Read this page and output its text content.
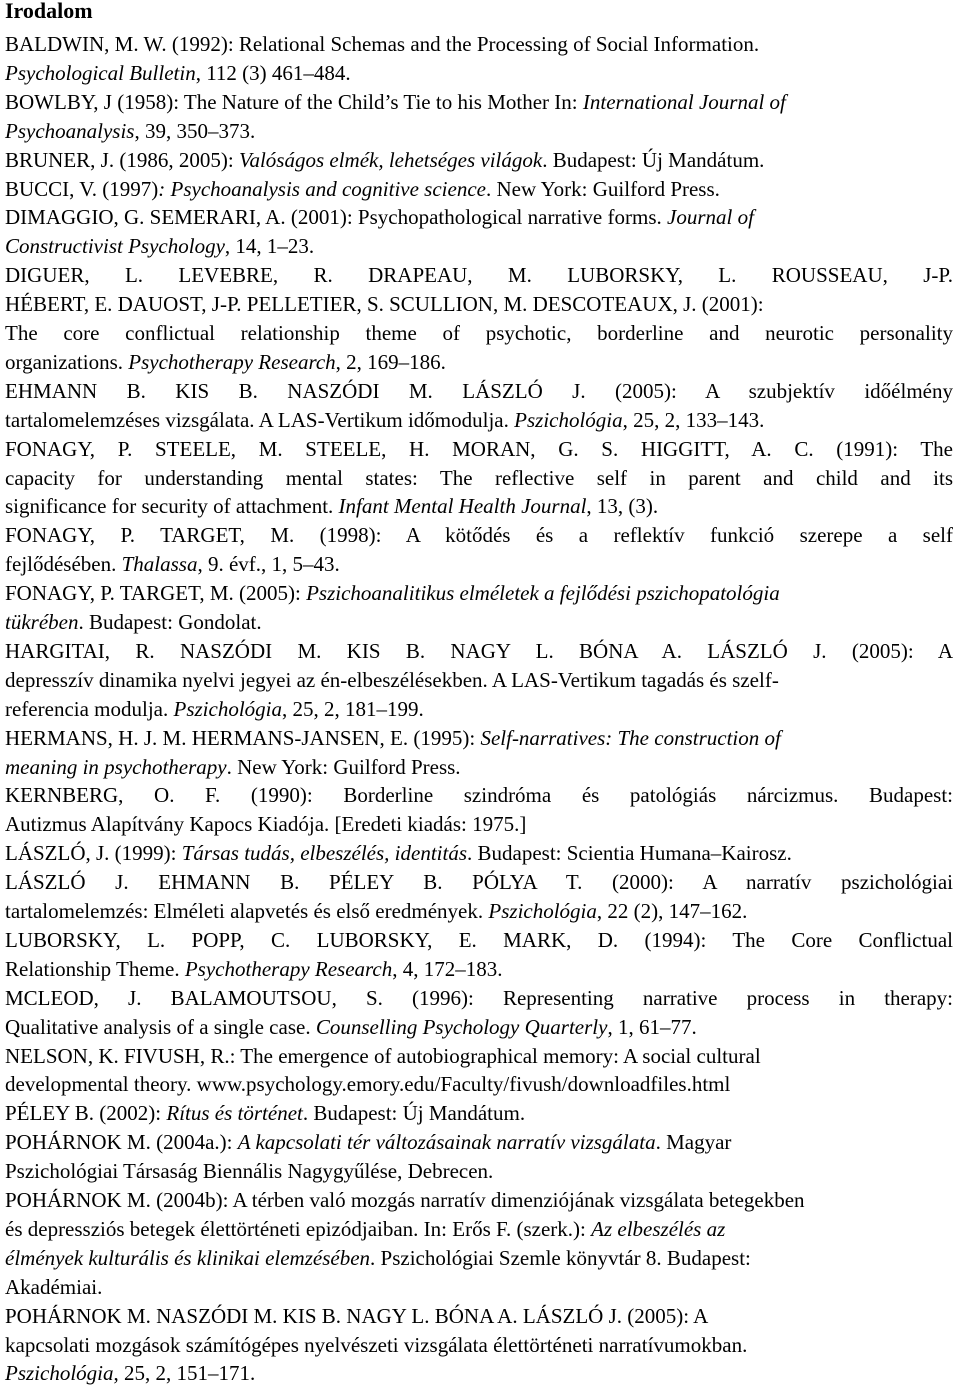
Irodalom
BALDWIN, M. W. (1992): Relational Schemas and the Processing of Social Information.
Psychological Bulletin, 112 (3) 461–484.
BOWLBY, J (1958): The Nature of the Child’s Tie to his Mother In: International Journal of
Psychoanalysis, 39, 350–373.
BRUNER, J. (1986, 2005): Valóságos elmék, lehetséges világok. Budapest: Új Mandátum.
BUCCI, V. (1997): Psychoanalysis and cognitive science. New York: Guilford Press.
DIMAGGIO, G. SEMERARI, A. (2001): Psychopathological narrative forms. Journal of
Constructivist Psychology, 14, 1–23.
DIGUER, L. LEVEBRE, R. DRAPEAU, M. LUBORSKY, L. ROUSSEAU, J-P.
HÉBERT, E. DAUOST, J-P. PELLETIER, S. SCULLION, M. DESCOTEAUX, J. (2001):
The core conflictual relationship theme of psychotic, borderline and neurotic personality
organizations. Psychotherapy Research, 2, 169–186.
EHMANN B. KIS B. NASZÓDI M. LÁSZLÓ J. (2005): A szubjektív időélmény
tartalomelemzéses vizsgálata. A LAS-Vertikum időmodulja. Pszichológia, 25, 2, 133–143.
FONAGY, P. STEELE, M. STEELE, H. MORAN, G. S. HIGGITT, A. C. (1991): The
capacity for understanding mental states: The reflective self in parent and child and its
significance for security of attachment. Infant Mental Health Journal, 13, (3).
FONAGY, P. TARGET, M. (1998): A kötődés és a reflektív funkció szerepe a self
fejlődésében. Thalassa, 9. évf., 1, 5–43.
FONAGY, P. TARGET, M. (2005): Pszichoanalitikus elméletek a fejlődési pszichopatológia
tükrében. Budapest: Gondolat.
HARGITAI, R. NASZÓDI M. KIS B. NAGY L. BÓNA A. LÁSZLÓ J. (2005): A
depresszív dinamika nyelvi jegyei az én-elbeszélésekben. A LAS-Vertikum tagadás és szelf-
referencia modulja. Pszichológia, 25, 2, 181–199.
HERMANS, H. J. M. HERMANS-JANSEN, E. (1995): Self-narratives: The construction of
meaning in psychotherapy. New York: Guilford Press.
KERNBERG, O. F. (1990): Borderline szindróma és patológiás nárcizmus. Budapest:
Autizmus Alapítvány Kapocs Kiadója. [Eredeti kiadás: 1975.]
LÁSZLÓ, J. (1999): Társas tudás, elbeszélés, identitás. Budapest: Scientia Humana–Kairosz.
LÁSZLÓ J. EHMANN B. PÉLEY B. PÓLYA T. (2000): A narratív pszichológiai
tartalomelemzés: Elméleti alapvetés és első eredmények. Pszichológia, 22 (2), 147–162.
LUBORSKY, L. POPP, C. LUBORSKY, E. MARK, D. (1994): The Core Conflictual
Relationship Theme. Psychotherapy Research, 4, 172–183.
MCLEOD, J. BALAMOUTSOU, S. (1996): Representing narrative process in therapy:
Qualitative analysis of a single case. Counselling Psychology Quarterly, 1, 61–77.
NELSON, K. FIVUSH, R.: The emergence of autobiographical memory: A social cultural
developmental theory. www.psychology.emory.edu/Faculty/fivush/downloadfiles.html
PÉLEY B. (2002): Rítus és történet. Budapest: Új Mandátum.
POHÁRNOK M. (2004a.): A kapcsolati tér változásainak narratív vizsgálata. Magyar
Pszichológiai Társaság Biennális Nagygyűlése, Debrecen.
POHÁRNOK M. (2004b): A térben való mozgás narratív dimenziójának vizsgálata betegekben
és depressziós betegek élettörténeti epizódjaiban. In: Erős F. (szerk.): Az elbeszélés az
élmények kulturális és klinikai elemzésében. Pszichológiai Szemle könyvtár 8. Budapest:
Akadémiai.
POHÁRNOK M. NASZÓDI M. KIS B. NAGY L. BÓNA A. LÁSZLÓ J. (2005): A
kapcsolati mozgások számítógépes nyelvészeti vizsgálata élettörténeti narratívumokban.
Pszichológia, 25, 2, 151–171.
